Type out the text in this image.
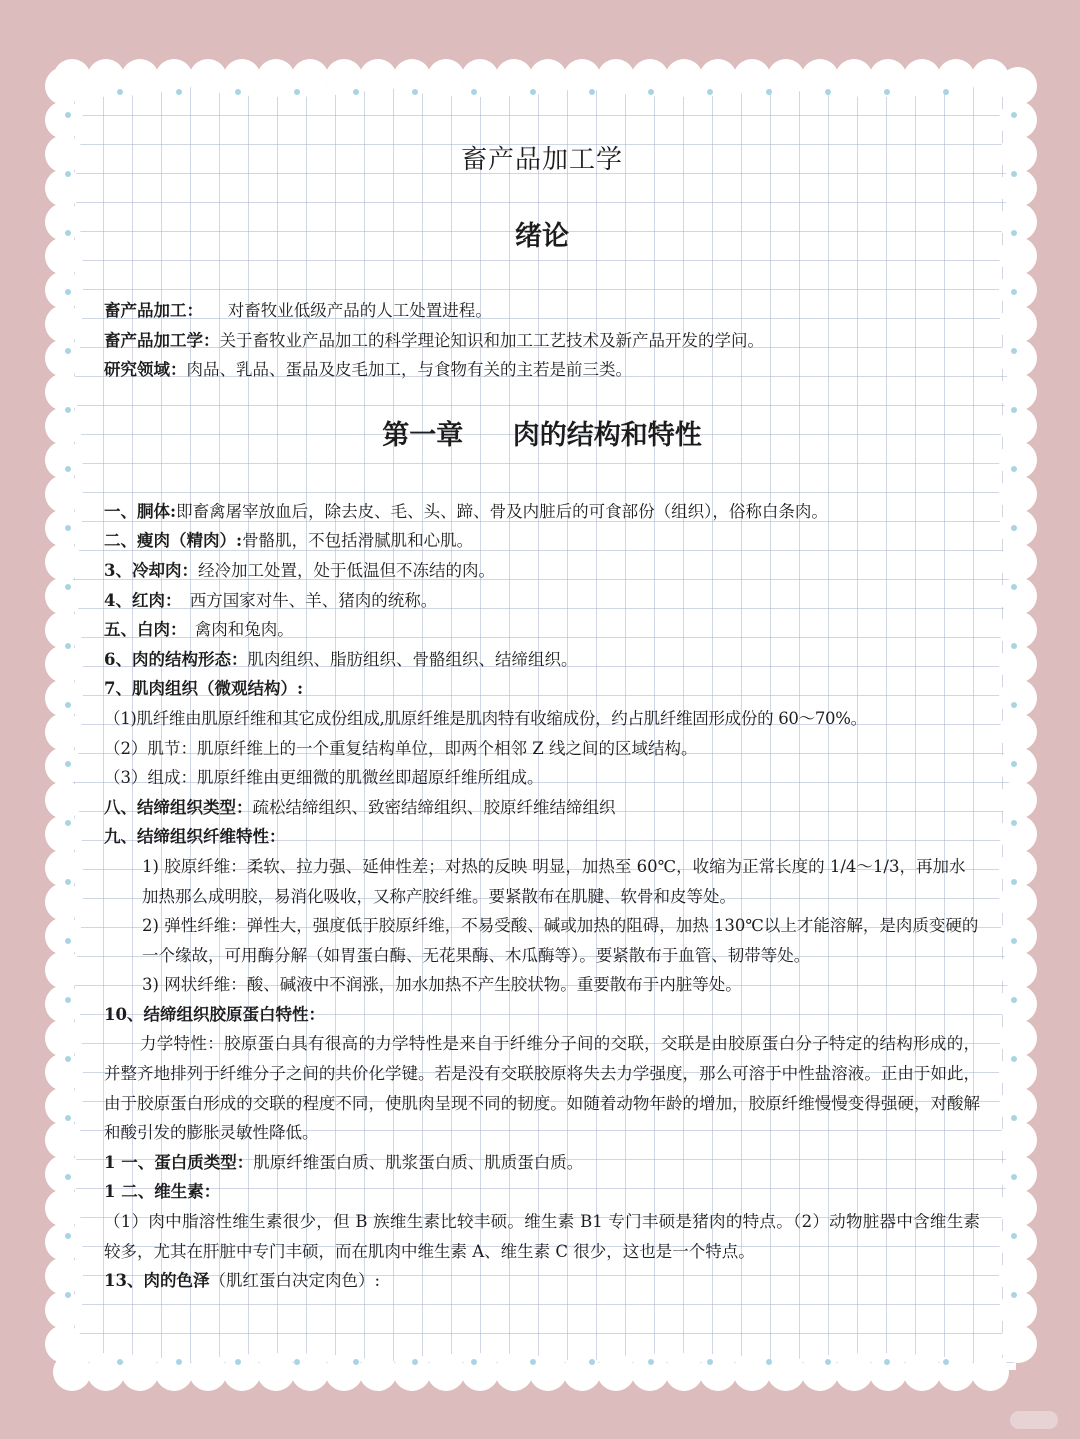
畜产品加工学
绪论
畜产品加工：　　对畜牧业低级产品的人工处置进程。
畜产品加工学：关于畜牧业产品加工的科学理论知识和加工工艺技术及新产品开发的学问。
研究领域：肉品、乳品、蛋品及皮毛加工，与食物有关的主若是前三类。
第一章 肉的结构和特性
一、胴体:即畜禽屠宰放血后，除去皮、毛、头、蹄、骨及内脏后的可食部份（组织），俗称白条肉。
二、瘦肉（精肉）:骨骼肌，不包括滑腻肌和心肌。
3、冷却肉：经冷加工处置，处于低温但不冻结的肉。
4、红肉：　西方国家对牛、羊、猪肉的统称。
五、白肉：　禽肉和兔肉。
6、肉的结构形态：肌肉组织、脂肪组织、骨骼组织、结缔组织。
7、肌肉组织（微观结构）:
（1)肌纤维由肌原纤维和其它成份组成,肌原纤维是肌肉特有收缩成份，约占肌纤维固形成份的 60～70%。
（2）肌节：肌原纤维上的一个重复结构单位，即两个相邻 Z 线之间的区域结构。
（3）组成：肌原纤维由更细微的肌微丝即超原纤维所组成。
八、结缔组织类型：疏松结缔组织、致密结缔组织、胶原纤维结缔组织
九、结缔组织纤维特性：
1) 胶原纤维：柔软、拉力强、延伸性差；对热的反映 明显，加热至 60℃，收缩为正常长度的 1/4～1/3，再加水加热那么成明胶，易消化吸收，又称产胶纤维。要紧散布在肌腱、软骨和皮等处。
2) 弹性纤维：弹性大，强度低于胶原纤维，不易受酸、碱或加热的阻碍，加热 130℃以上才能溶解，是肉质变硬的一个缘故，可用酶分解（如胃蛋白酶、无花果酶、木瓜酶等）。要紧散布于血管、韧带等处。
3) 网状纤维：酸、碱液中不润涨，加水加热不产生胶状物。重要散布于内脏等处。
10、结缔组织胶原蛋白特性：
力学特性：胶原蛋白具有很高的力学特性是来自于纤维分子间的交联，交联是由胶原蛋白分子特定的结构形成的，并整齐地排列于纤维分子之间的共价化学键。若是没有交联胶原将失去力学强度，那么可溶于中性盐溶液。正由于如此，由于胶原蛋白形成的交联的程度不同，使肌肉呈现不同的韧度。如随着动物年龄的增加，胶原纤维慢慢变得强硬，对酸解和酸引发的膨胀灵敏性降低。
1 一、蛋白质类型：肌原纤维蛋白质、肌浆蛋白质、肌质蛋白质。
1 二、维生素：
（1）肉中脂溶性维生素很少，但 B 族维生素比较丰硕。维生素 B1 专门丰硕是猪肉的特点。（2）动物脏器中含维生素较多，尤其在肝脏中专门丰硕，而在肌肉中维生素 A、维生素 C 很少，这也是一个特点。
13、肉的色泽（肌红蛋白决定肉色）:
